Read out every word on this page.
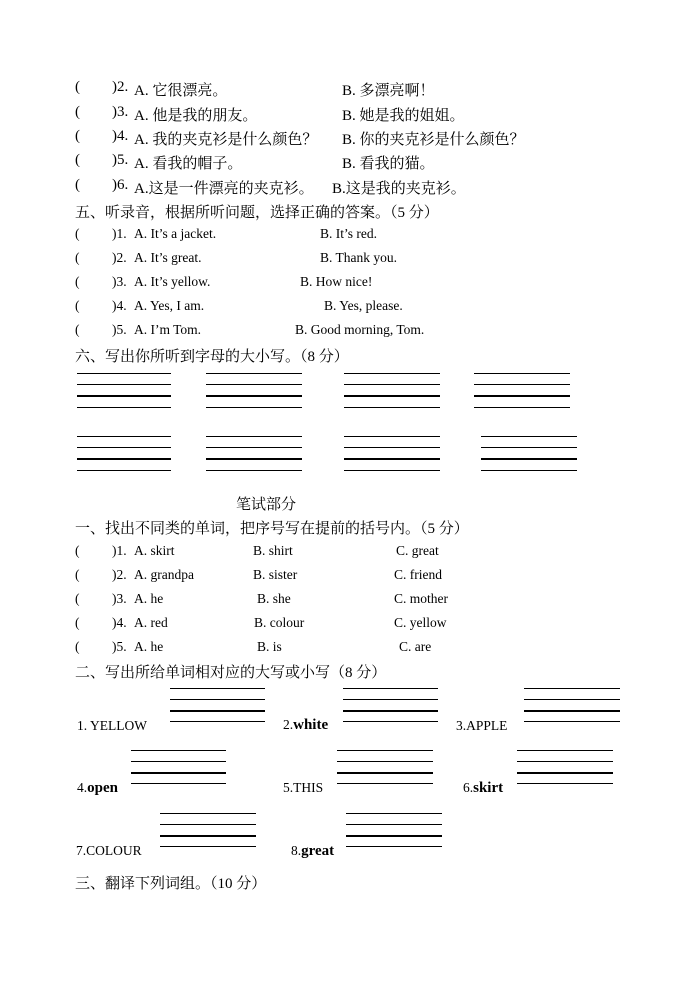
( )2. A. 它很漂亮。	B. 多漂亮啊！
( )3. A. 他是我的朋友。	B. 她是我的姐姐。
( )4. A. 我的夹克衫是什么颜色？ B. 你的夹克衫是什么颜色？
( )5. A. 看我的帽子。	B. 看我的猫。
( )6. A.这是一件漂亮的夹克衫。 B.这是我的夹克衫。
五、听录音，根据所听问题，选择正确的答案。（5 分）
( )1. A. It’s a jacket.	B. It’s red.
( )2. A. It’s great.	B. Thank you.
( )3. A. It’s yellow.	B. How nice!
( )4. A. Yes, I am.	B. Yes, please.
( )5. A. I’m Tom.	B. Good morning, Tom.
六、写出你所听到字母的大小写。（8 分）
笔试部分
一、找出不同类的单词，把序号写在提前的括号内。（5 分）
( )1. A. skirt	B. shirt	C. great
( )2. A. grandpa	B. sister	C. friend
( )3. A. he	B. she	C. mother
( )4. A. red	B. colour	C. yellow
( )5. A. he	B. is	C. are
二、写出所给单词相对应的大写或小写（8 分）
1. YELLOW	2.white	3.APPLE
4.open	5.THIS	6.skirt
7.COLOUR	8.great
三、翻译下列词组。（10 分）
